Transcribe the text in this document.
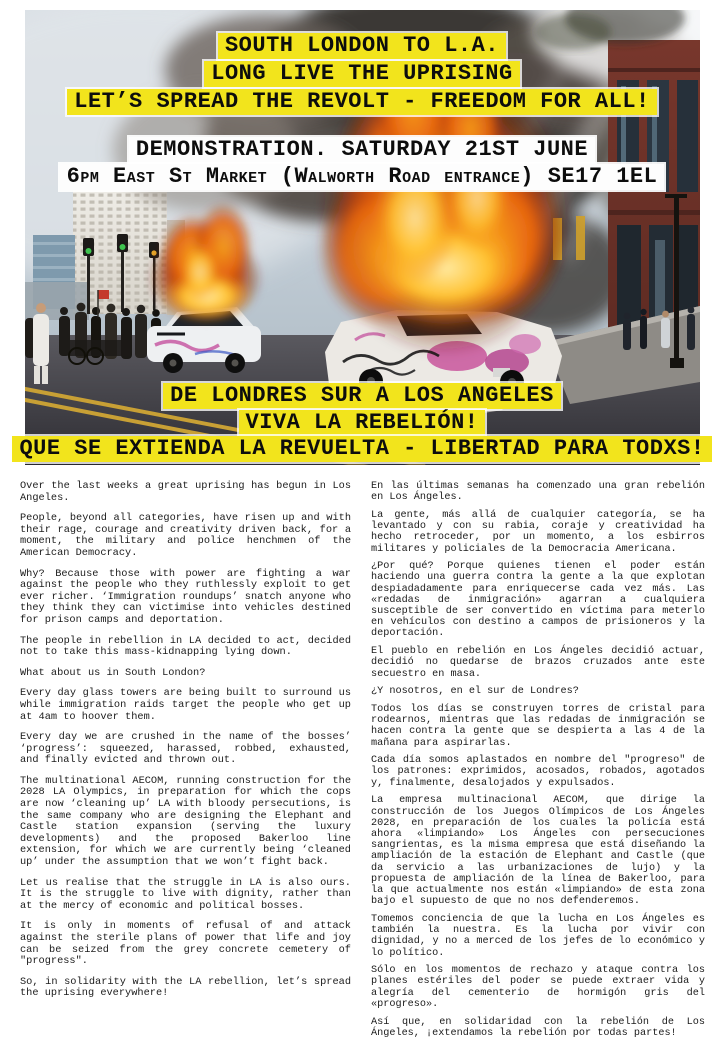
SOUTH LONDON TO L.A.
LONG LIVE THE UPRISING
LET’S SPREAD THE REVOLT - FREEDOM FOR ALL!
DEMONSTRATION. SATURDAY 21ST JUNE
6pm East St Market (Walworth Road entrance) SE17 1EL
DE LONDRES SUR A LOS ANGELES
VIVA LA REBELIÓN!
QUE SE EXTIENDA LA REVUELTA - LIBERTAD PARA TODXS!

Over the last weeks a great uprising has begun in Los Angeles.

People, beyond all categories, have risen up and with their rage, courage and creativity driven back, for a moment, the military and police henchmen of the American Democracy.

Why? Because those with power are fighting a war against the people who they ruthlessly exploit to get ever richer. ‘Immigration roundups’ snatch anyone who they think they can victimise into vehicles destined for prison camps and deportation.

The people in rebellion in LA decided to act, decided not to take this mass-kidnapping lying down.

What about us in South London?

Every day glass towers are being built to surround us while immigration raids target the people who get up at 4am to hoover them.

Every day we are crushed in the name of the bosses’ ‘progress’: squeezed, harassed, robbed, exhausted, and finally evicted and thrown out.

The multinational AECOM, running construction for the 2028 LA Olympics, in preparation for which the cops are now ‘cleaning up’ LA with bloody persecutions, is the same company who are designing the Elephant and Castle station expansion (serving the luxury developments) and the proposed Bakerloo line extension, for which we are currently being ‘cleaned up’ under the assumption that we won’t fight back.

Let us realise that the struggle in LA is also ours. It is the struggle to live with dignity, rather than at the mercy of economic and political bosses.

It is only in moments of refusal of and attack against the sterile plans of power that life and joy can be seized from the grey concrete cemetery of "progress".

So, in solidarity with the LA rebellion, let’s spread the uprising everywhere!

En las últimas semanas ha comenzado una gran rebelión en Los Ángeles.

La gente, más allá de cualquier categoría, se ha levantado y con su rabia, coraje y creatividad ha hecho retroceder, por un momento, a los esbirros militares y policiales de la Democracia Americana.

¿Por qué? Porque quienes tienen el poder están haciendo una guerra contra la gente a la que explotan despiadadamente para enriquecerse cada vez más. Las «redadas de inmigración» agarran a cualquiera susceptible de ser convertido en víctima para meterlo en vehículos con destino a campos de prisioneros y la deportación.

El pueblo en rebelión en Los Ángeles decidió actuar, decidió no quedarse de brazos cruzados ante este secuestro en masa.

¿Y nosotros, en el sur de Londres?

Todos los días se construyen torres de cristal para rodearnos, mientras que las redadas de inmigración se hacen contra la gente que se despierta a las 4 de la mañana para aspirarlas.

Cada día somos aplastados en nombre del "progreso" de los patrones: exprimidos, acosados, robados, agotados y, finalmente, desalojados y expulsados.

La empresa multinacional AECOM, que dirige la construcción de los Juegos Olímpicos de Los Ángeles 2028, en preparación de los cuales la policía está ahora «limpiando» Los Ángeles con persecuciones sangrientas, es la misma empresa que está diseñando la ampliación de la estación de Elephant and Castle (que da servicio a las urbanizaciones de lujo) y la propuesta de ampliación de la línea de Bakerloo, para la que actualmente nos están «limpiando» de esta zona bajo el supuesto de que no nos defenderemos.

Tomemos conciencia de que la lucha en Los Ángeles es también la nuestra. Es la lucha por vivir con dignidad, y no a merced de los jefes de lo económico y lo político.

Sólo en los momentos de rechazo y ataque contra los planes estériles del poder se puede extraer vida y alegría del cementerio de hormigón gris del «progreso».

Así que, en solidaridad con la rebelión de Los Ángeles, ¡extendamos la rebelión por todas partes!
